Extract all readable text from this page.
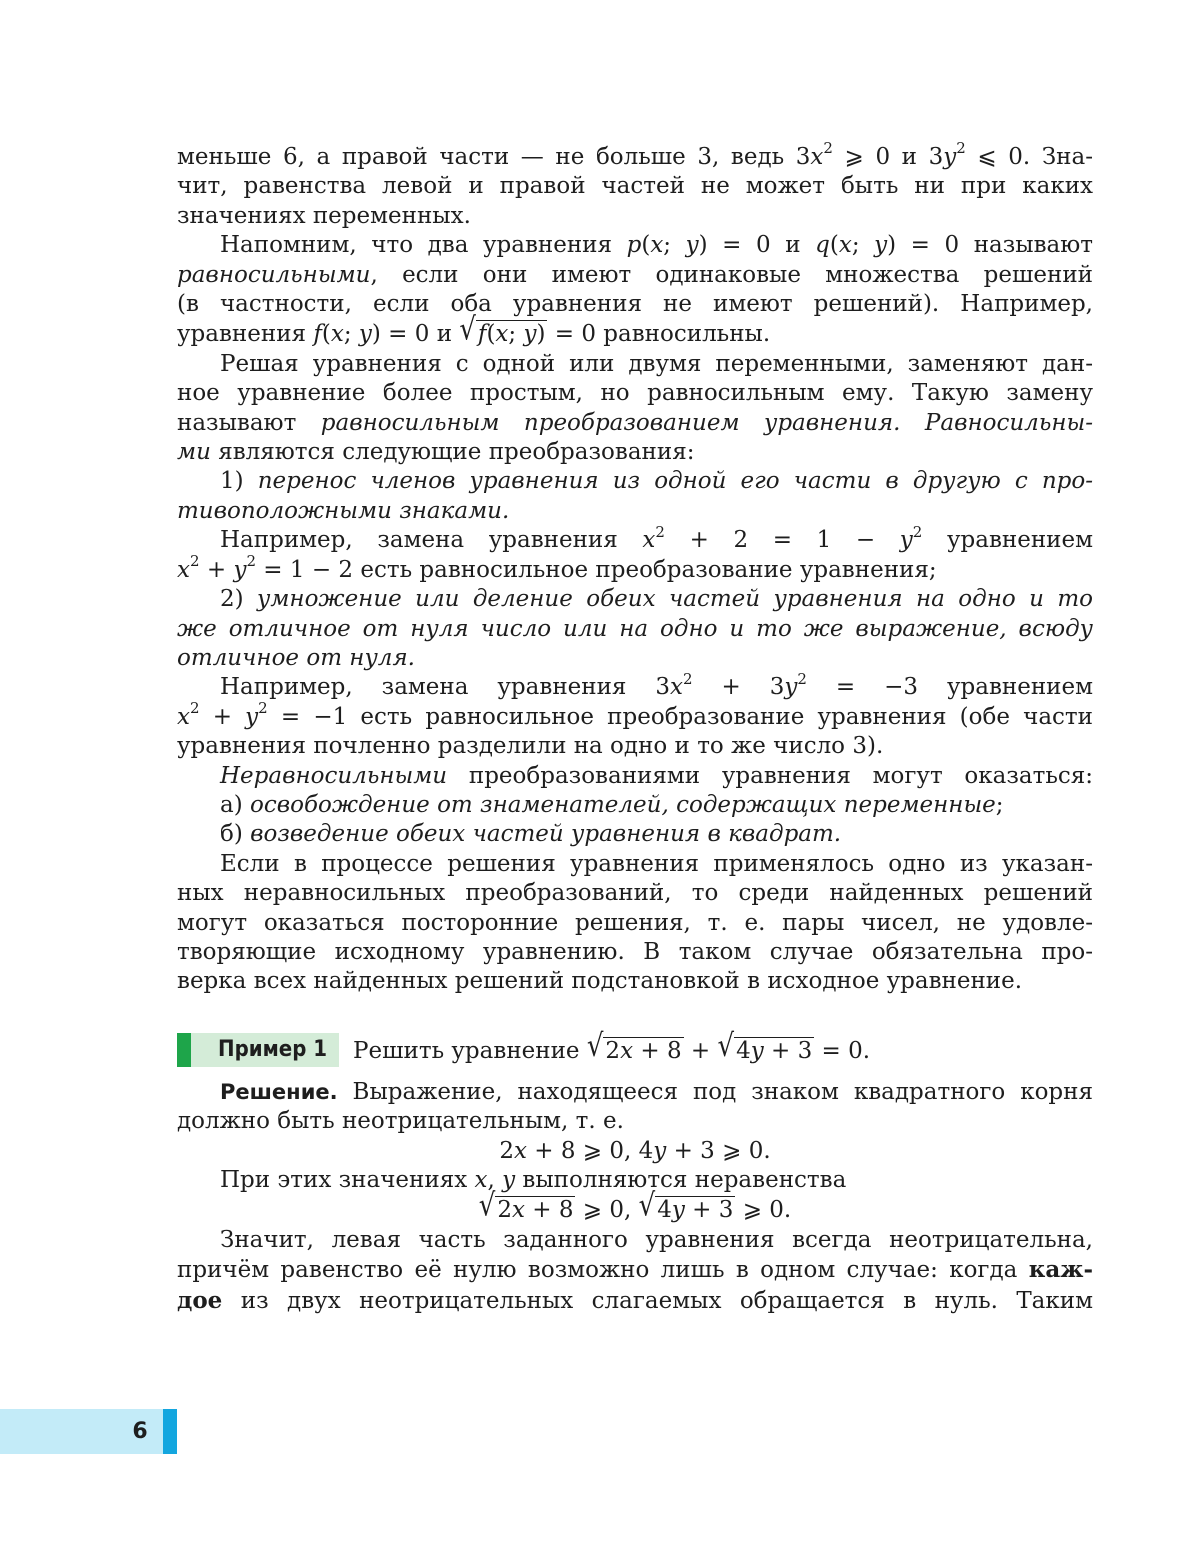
меньше 6, а правой части — не больше 3, ведь $3x^2$ ⩾ 0 и $3y^2$ ⩽ 0. Зна-

чит, равенства левой и правой частей не может быть ни при каких

значениях переменных.

Напомним, что два уравнения p(x; y) = 0 и q(x; y) = 0 называют

равносильными, если они имеют одинаковые множества решений

(в частности, если оба уравнения не имеют решений). Например,

уравнения f(x; y) = 0 и √f(x; y) = 0 равносильны.

Решая уравнения с одной или двумя переменными, заменяют дан-

ное уравнение более простым, но равносильным ему. Такую замену

называют равносильным преобразованием уравнения. Равносильны-

ми являются следующие преобразования:

1) перенос членов уравнения из одной его части в другую с про-

тивоположными знаками.

Например, замена уравнения $x^2 + 2 = 1 - y^2$ уравнением

$x^2 + y^2 = 1 - 2$ есть равносильное преобразование уравнения;

2) умножение или деление обеих частей уравнения на одно и то

же отличное от нуля число или на одно и то же выражение, всюду

отличное от нуля.

Например, замена уравнения $3x^2 + 3y^2 = -3$ уравнением

$x^2 + y^2 = -1$ есть равносильное преобразование уравнения (обе части

уравнения почленно разделили на одно и то же число 3).

Неравносильными преобразованиями уравнения могут оказаться:

а) освобождение от знаменателей, содержащих переменные;

б) возведение обеих частей уравнения в квадрат.

Если в процессе решения уравнения применялось одно из указан-

ных неравносильных преобразований, то среди найденных решений

могут оказаться посторонние решения, т. е. пары чисел, не удовле-

творяющие исходному уравнению. В таком случае обязательна про-

верка всех найденных решений подстановкой в исходное уравнение.

Пример 1	Решить уравнение √2x + 8 + √4y + 3 = 0.

Решение. Выражение, находящееся под знаком квадратного корня

должно быть неотрицательным, т. е.

2x + 8 ⩾ 0, 4y + 3 ⩾ 0.

При этих значениях x, y выполняются неравенства

√2x + 8 ⩾ 0, √4y + 3 ⩾ 0.

Значит, левая часть заданного уравнения всегда неотрицательна,

причём равенство её нулю возможно лишь в одном случае: когда каж-

дое из двух неотрицательных слагаемых обращается в нуль. Таким

6
